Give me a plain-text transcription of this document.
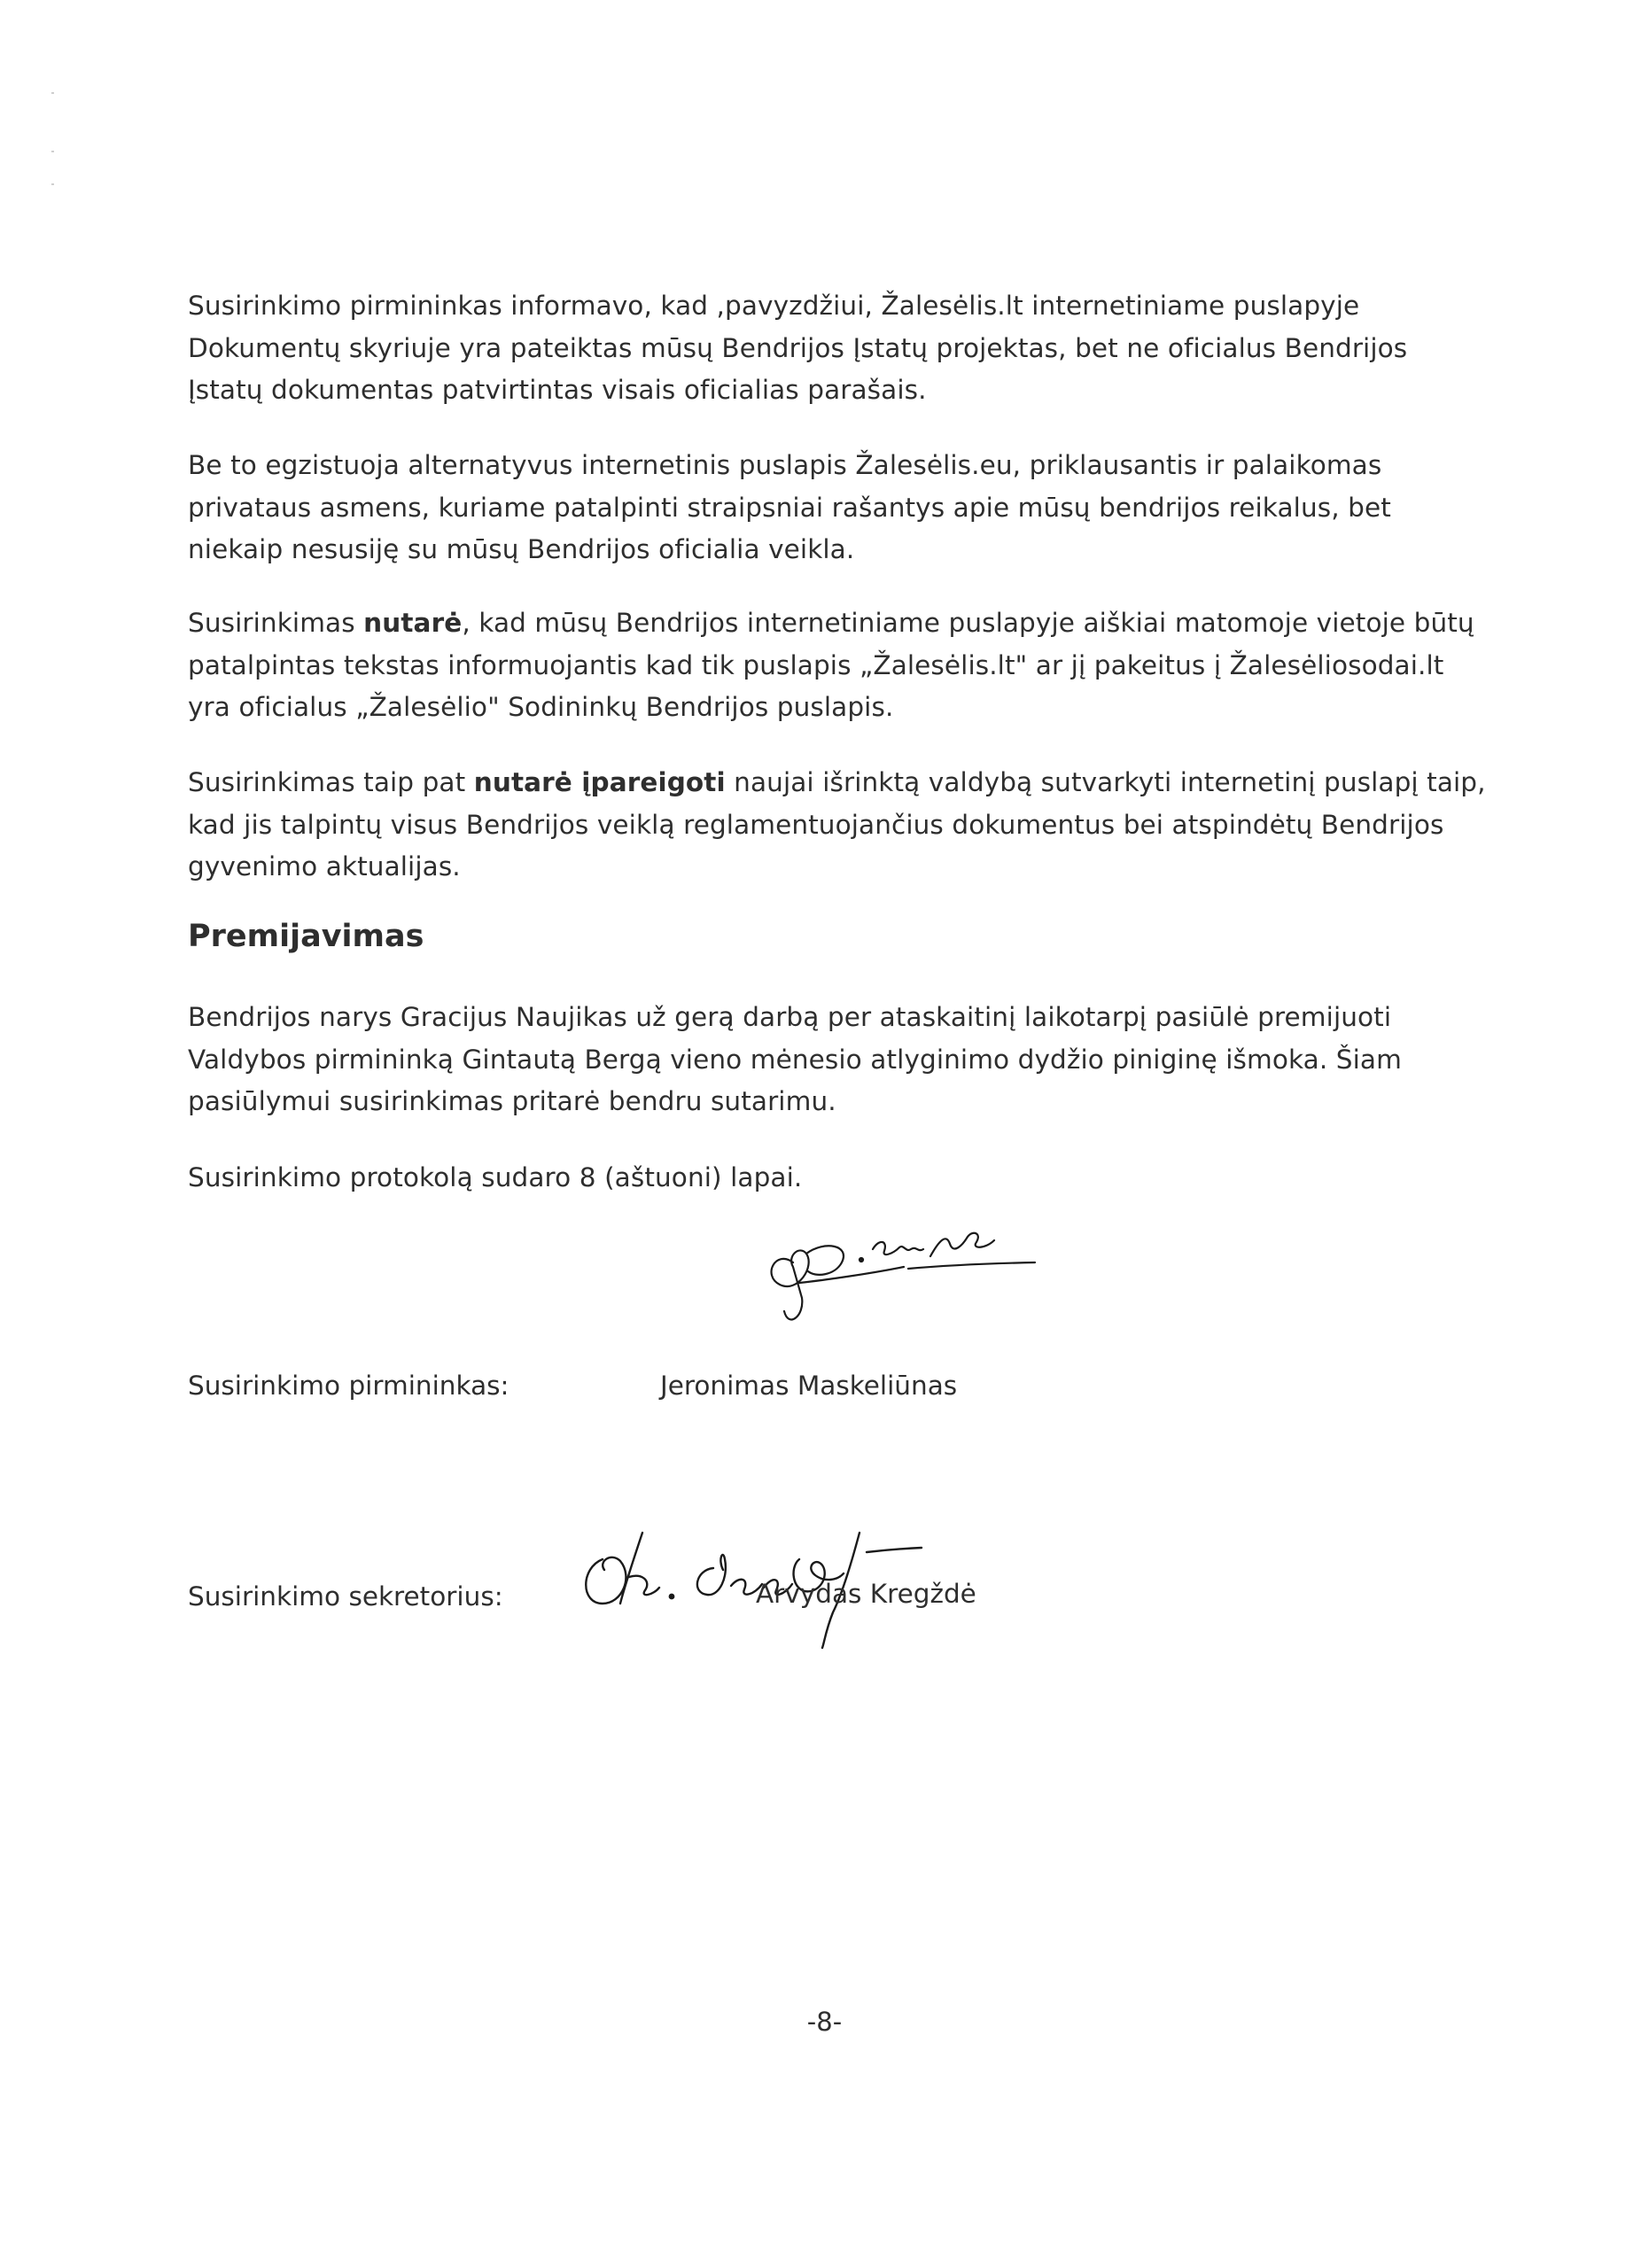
Susirinkimo pirmininkas informavo, kad ,pavyzdžiui, Žalesėlis.lt internetiniame puslapyje
Dokumentų skyriuje yra pateiktas mūsų Bendrijos Įstatų projektas, bet ne oficialus Bendrijos
Įstatų dokumentas patvirtintas visais oficialias parašais.
Be to egzistuoja alternatyvus internetinis puslapis Žalesėlis.eu, priklausantis ir palaikomas
privataus asmens, kuriame patalpinti straipsniai rašantys apie mūsų bendrijos reikalus, bet
niekaip nesusiję su mūsų Bendrijos oficialia veikla.
Susirinkimas nutarė, kad mūsų Bendrijos internetiniame puslapyje aiškiai matomoje vietoje būtų
patalpintas tekstas informuojantis kad tik puslapis „Žalesėlis.lt" ar jį pakeitus į Žalesėliosodai.lt
yra oficialus „Žalesėlio" Sodininkų Bendrijos puslapis.
Susirinkimas taip pat nutarė įpareigoti naujai išrinktą valdybą sutvarkyti internetinį puslapį taip,
kad jis talpintų visus Bendrijos veiklą reglamentuojančius dokumentus bei atspindėtų Bendrijos
gyvenimo aktualijas.
Premijavimas
Bendrijos narys Gracijus Naujikas už gerą darbą per ataskaitinį laikotarpį pasiūlė premijuoti
Valdybos pirmininką Gintautą Bergą vieno mėnesio atlyginimo dydžio piniginę išmoka. Šiam
pasiūlymui susirinkimas pritarė bendru sutarimu.
Susirinkimo protokolą sudaro 8 (aštuoni) lapai.
Susirinkimo pirmininkas:	Jeronimas Maskeliūnas
Susirinkimo sekretorius:	Arvydas Kregždė
-8-
